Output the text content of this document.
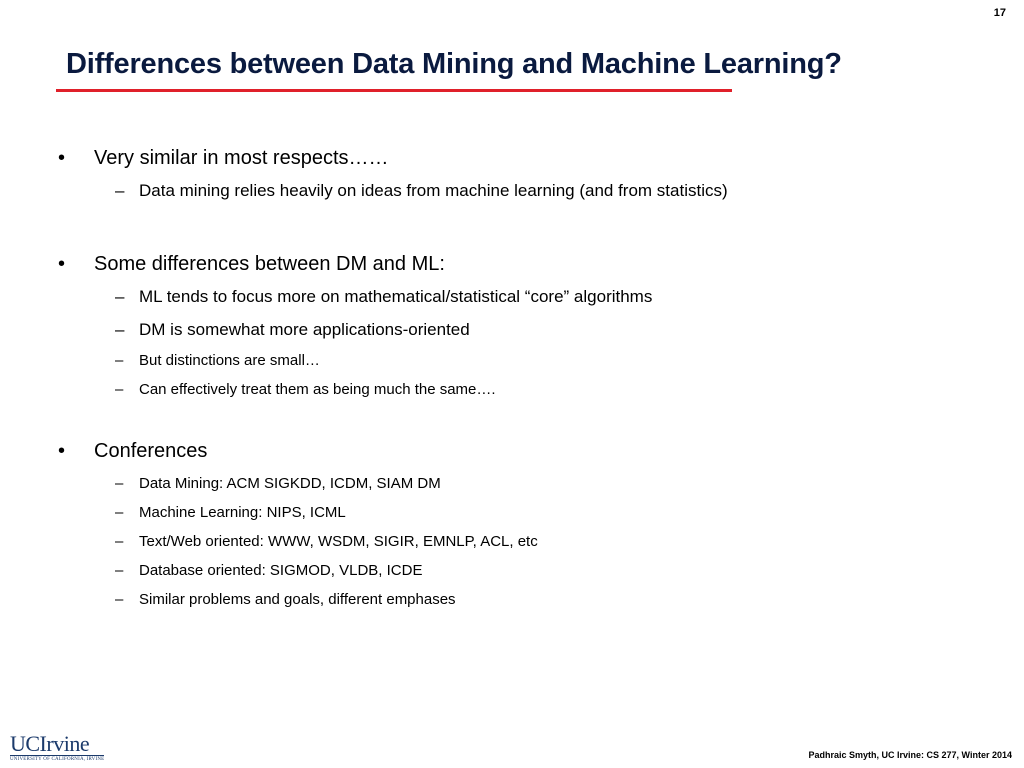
17
Differences between Data Mining and Machine Learning?
• Very similar in most respects……
– Data mining relies heavily on ideas from machine learning (and from statistics)
• Some differences between DM and ML:
– ML tends to focus more on mathematical/statistical “core” algorithms
– DM is somewhat more applications-oriented
– But distinctions are small…
– Can effectively treat them as being much the same….
• Conferences
– Data Mining: ACM SIGKDD, ICDM, SIAM DM
– Machine Learning: NIPS, ICML
– Text/Web oriented: WWW, WSDM, SIGIR, EMNLP, ACL, etc
– Database oriented: SIGMOD, VLDB, ICDE
– Similar problems and goals, different emphases
UCIrvine
UNIVERSITY OF CALIFORNIA, IRVINE	Padhraic Smyth, UC Irvine: CS 277, Winter 2014
